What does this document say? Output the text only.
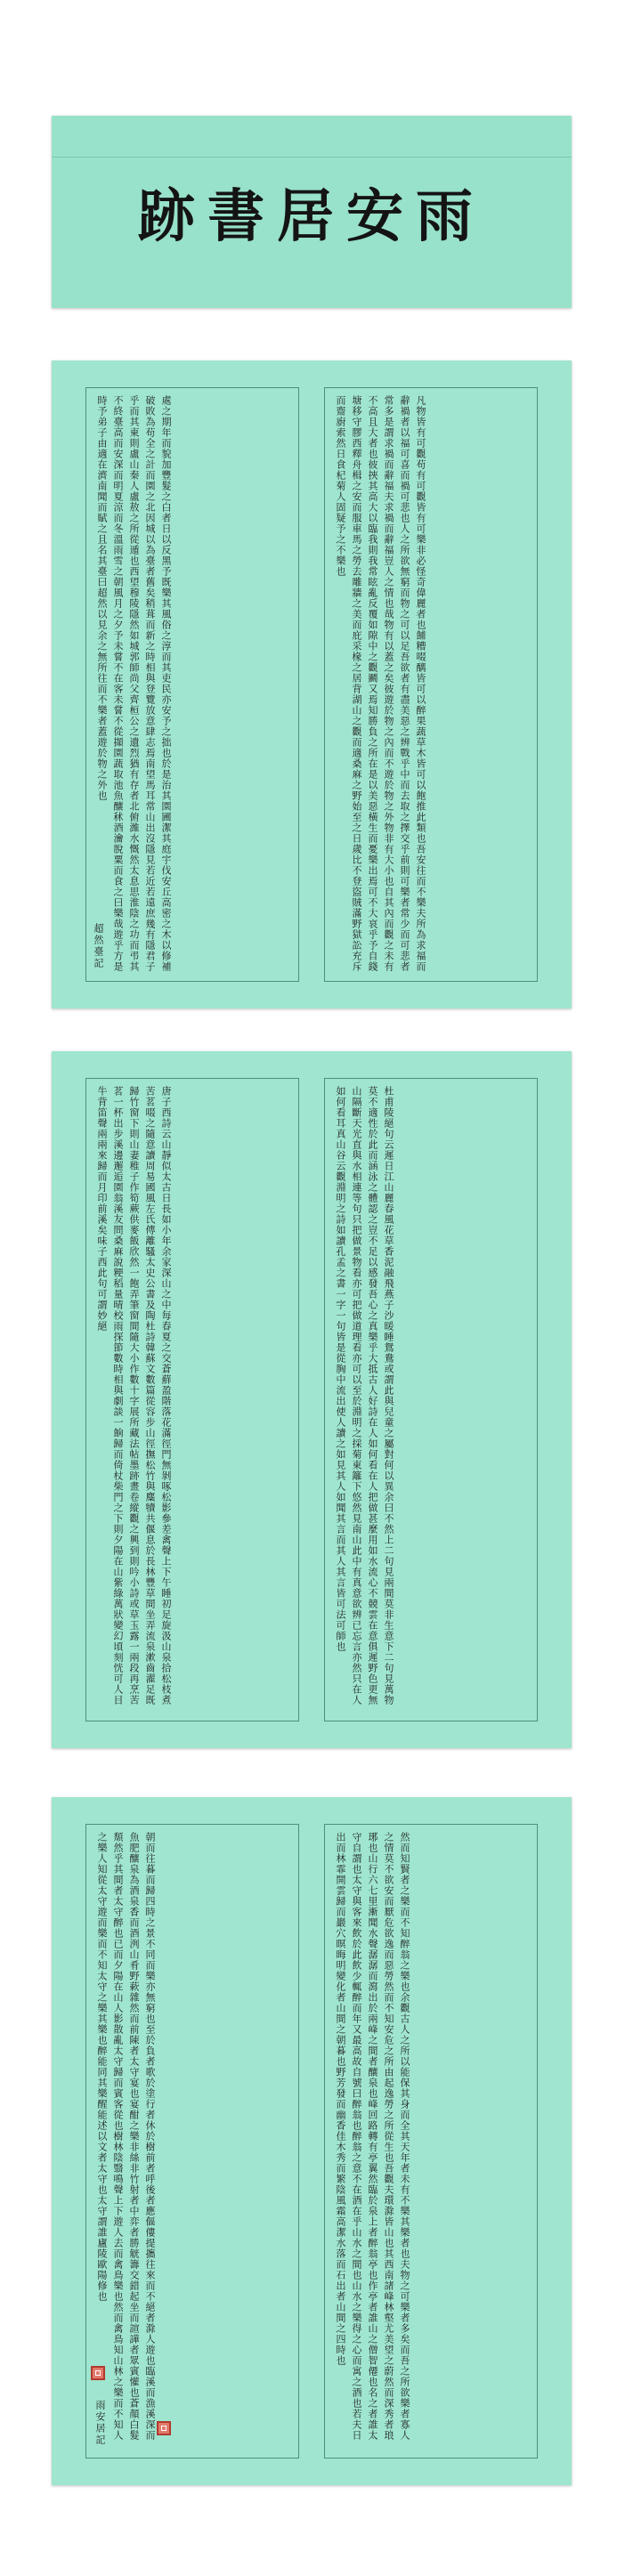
雨安居書跡
處之期年而貌加豐髮之白者日以反黑予既樂其風俗之淳而其吏民亦安予之拙也於是治其園圃潔其庭宇伐安丘高密之木以修補破敗為苟全之計而園之北因城以為臺者舊矣稍葺而新之時相與登覽放意肆志焉南望馬耳常山出沒隱見若近若遠庶幾有隱君子乎而其東則盧山秦人盧敖之所從遁也西望穆陵隱然如城郭師尚父齊桓公之遺烈猶有存者北俯濰水慨然太息思淮陰之功而弔其不終臺高而安深而明夏涼而冬溫雨雪之朝風月之夕予未嘗不在客未嘗不從擷園蔬取池魚釀秫酒瀹脫粟而食之曰樂哉遊乎方是時予弟子由適在濟南聞而賦之且名其臺曰超然以見余之無所往而不樂者蓋遊於物之外也	凡物皆有可觀苟有可觀皆有可樂非必怪奇偉麗者也餔糟啜醨皆可以醉果蔬草木皆可以飽推此類也吾安往而不樂夫所為求福而辭禍者以福可喜而禍可悲也人之所欲無窮而物之可以足吾欲者有盡美惡之辨戰乎中而去取之擇交乎前則可樂者常少而可悲者常多是謂求禍而辭福夫求禍而辭福豈人之情也哉物有以蓋之矣彼遊於物之內而不遊於物之外物非有大小也自其內而觀之未有不高且大者也彼挾其高大以臨我則我常眩亂反覆如隙中之觀鬬又焉知勝負之所在是以美惡橫生而憂樂出焉可不大哀乎予自錢塘移守膠西釋舟楫之安而服車馬之勞去雕牆之美而庇采椽之居背湖山之觀而適桑麻之野始至之日歲比不登盜賊滿野獄訟充斥而齋廚索然日食杞菊人固疑予之不樂也
超然臺記
唐子西詩云山靜似太古日長如小年余家深山之中每春夏之交蒼蘚盈階落花滿徑門無剝啄松影參差禽聲上下午睡初足旋汲山泉拾松枝煮苦茗啜之隨意讀周易國風左氏傳離騷太史公書及陶杜詩韓蘇文數篇從容步山徑撫松竹與麋犢共偃息於長林豐草間坐弄流泉漱齒濯足既歸竹窗下則山妻稚子作筍蕨供麥飯欣然一飽弄筆窗間隨大小作數十字展所藏法帖墨跡畫卷縱觀之興到則吟小詩或草玉露一兩段再烹苦茗一杯出步溪邊邂逅園翁溪友問桑麻說粳稻量晴校雨探節數時相與劇談一餉歸而倚杖柴門之下則夕陽在山紫綠萬狀變幻頃刻恍可人目牛背笛聲兩兩來歸而月印前溪矣味子西此句可謂妙絕	杜甫陵絕句云遲日江山麗春風花草香泥融飛燕子沙暖睡鴛鴦或謂此與兒童之屬對何以異余曰不然上二句見兩間莫非生意下二句見萬物莫不適性於此而涵泳之體認之豈不足以感發吾心之真樂乎大抵古人好詩在人如何看在人把做甚麼用如水流心不競雲在意俱遲野色更無山隔斷天光直與水相連等句只把做景物看亦可把做道理看亦可以至於淵明之採菊東籬下悠然見南山此中有真意欲辨已忘言亦然只在人如何看耳真山谷云觀淵明之詩如讀孔孟之書一字一句皆是從胸中流出使人讀之如見其人如聞其言而其人其言皆可法可師也
朝而往暮而歸四時之景不同而樂亦無窮也至於負者歌於塗行者休於樹前者呼後者應傴僂提攜往來而不絕者滁人遊也臨溪而漁溪深而魚肥釀泉為酒泉香而酒洌山肴野蔌雜然而前陳者太守宴也宴酣之樂非絲非竹射者中弈者勝觥籌交錯起坐而諠譁者眾賓懽也蒼顏白髮頹然乎其間者太守醉也已而夕陽在山人影散亂太守歸而賓客從也樹林陰翳鳴聲上下遊人去而禽鳥樂也然而禽鳥知山林之樂而不知人之樂人知從太守遊而樂而不知太守之樂其樂也醉能同其樂醒能述以文者太守也太守謂誰廬陵歐陽修也	然而知賢者之樂而不知醉翁之樂也余觀古人之所以能保其身而全其天年者未有不樂其樂者也夫物之可樂者多矣而吾之所欲樂者寡人之情莫不欲安而厭危欲逸而惡勞然而不知安危之所由起逸勞之所從生也吾觀夫環滁皆山也其西南諸峰林壑尤美望之蔚然而深秀者琅琊也山行六七里漸聞水聲潺潺而瀉出於兩峰之間者釀泉也峰回路轉有亭翼然臨於泉上者醉翁亭也作亭者誰山之僧智僊也名之者誰太守自謂也太守與客來飲於此飲少輒醉而年又最高故自號曰醉翁也醉翁之意不在酒在乎山水之間也山水之樂得之心而寓之酒也若夫日出而林霏開雲歸而巖穴暝晦明變化者山間之朝暮也野芳發而幽香佳木秀而繁陰風霜高潔水落而石出者山間之四時也
雨安居記
